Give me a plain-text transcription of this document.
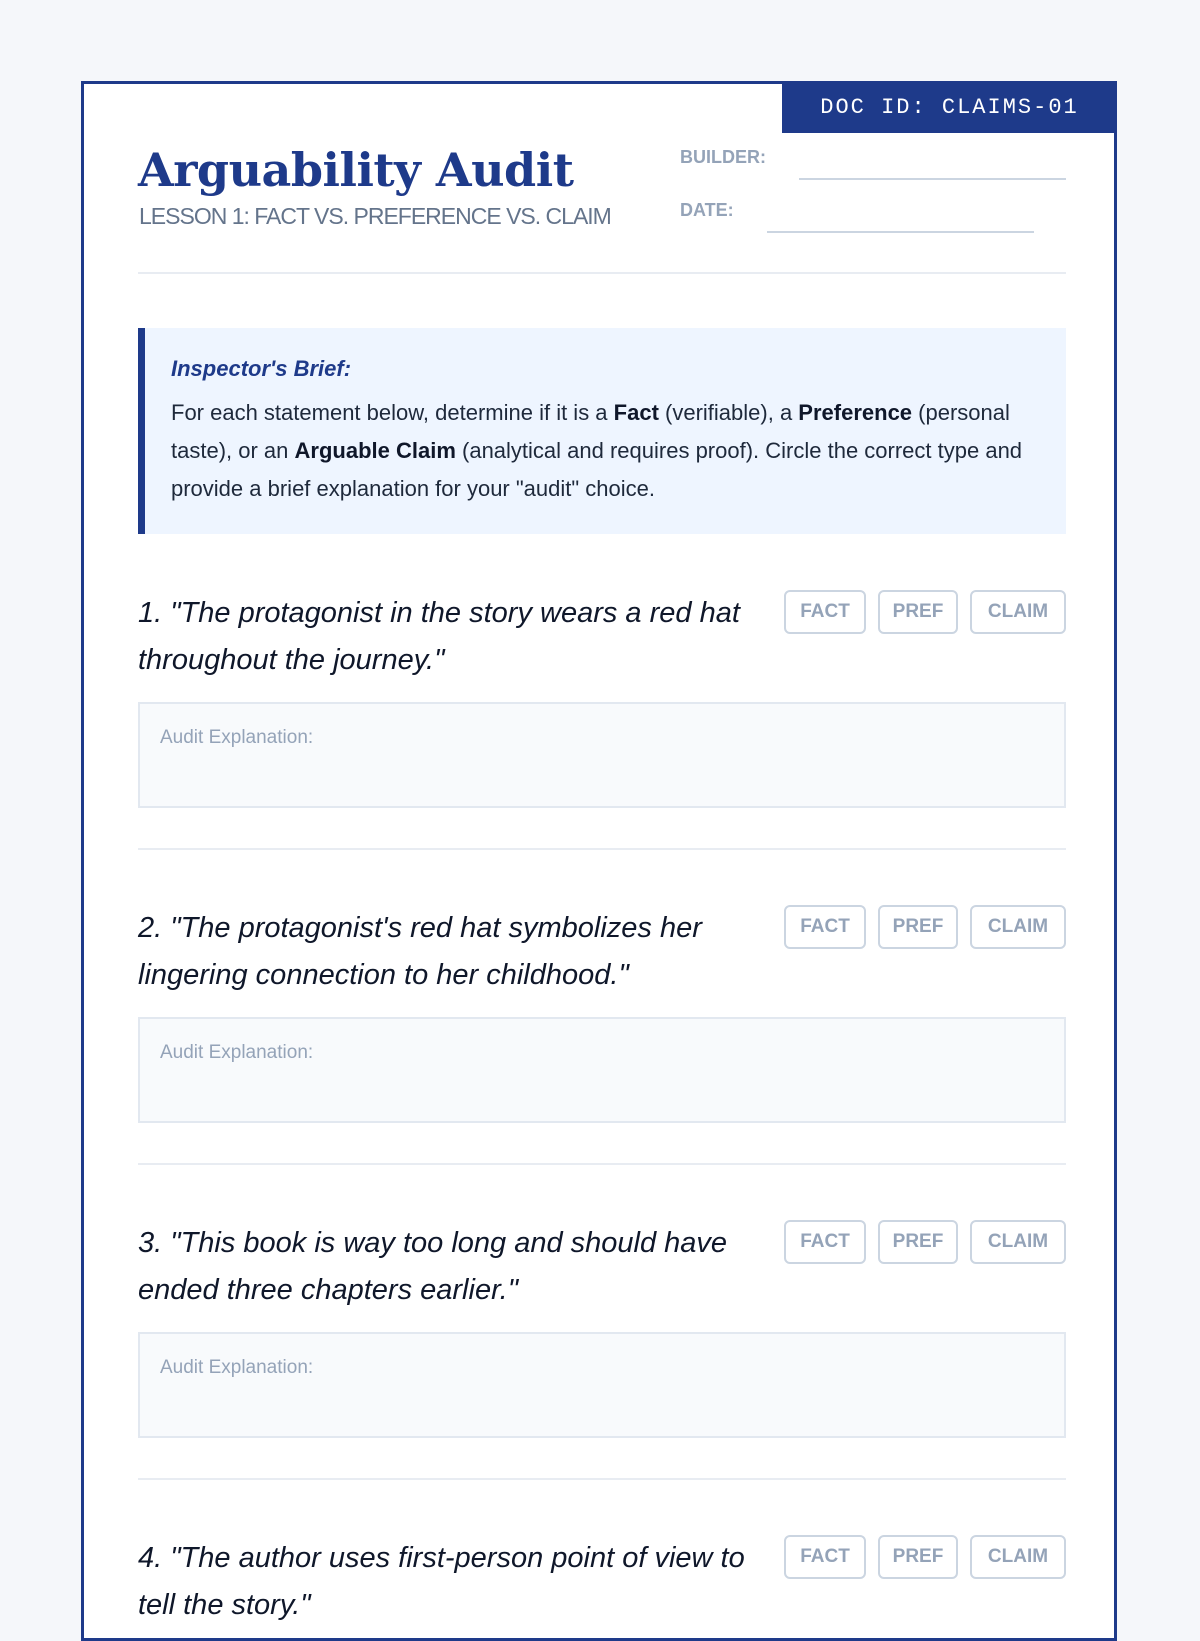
DOC ID: CLAIMS-01
Arguability Audit
LESSON 1: FACT VS. PREFERENCE VS. CLAIM
BUILDER:
DATE:
Inspector's Brief:
For each statement below, determine if it is a Fact (verifiable), a Preference (personal taste), or an Arguable Claim (analytical and requires proof). Circle the correct type and provide a brief explanation for your "audit" choice.

1. "The protagonist in the story wears a red hat throughout the journey."

FACT	PREF	CLAIM
Audit Explanation:

2. "The protagonist's red hat symbolizes her lingering connection to her childhood."

FACT	PREF	CLAIM
Audit Explanation:

3. "This book is way too long and should have ended three chapters earlier."

FACT	PREF	CLAIM
Audit Explanation:

4. "The author uses first-person point of view to tell the story."

FACT	PREF	CLAIM
